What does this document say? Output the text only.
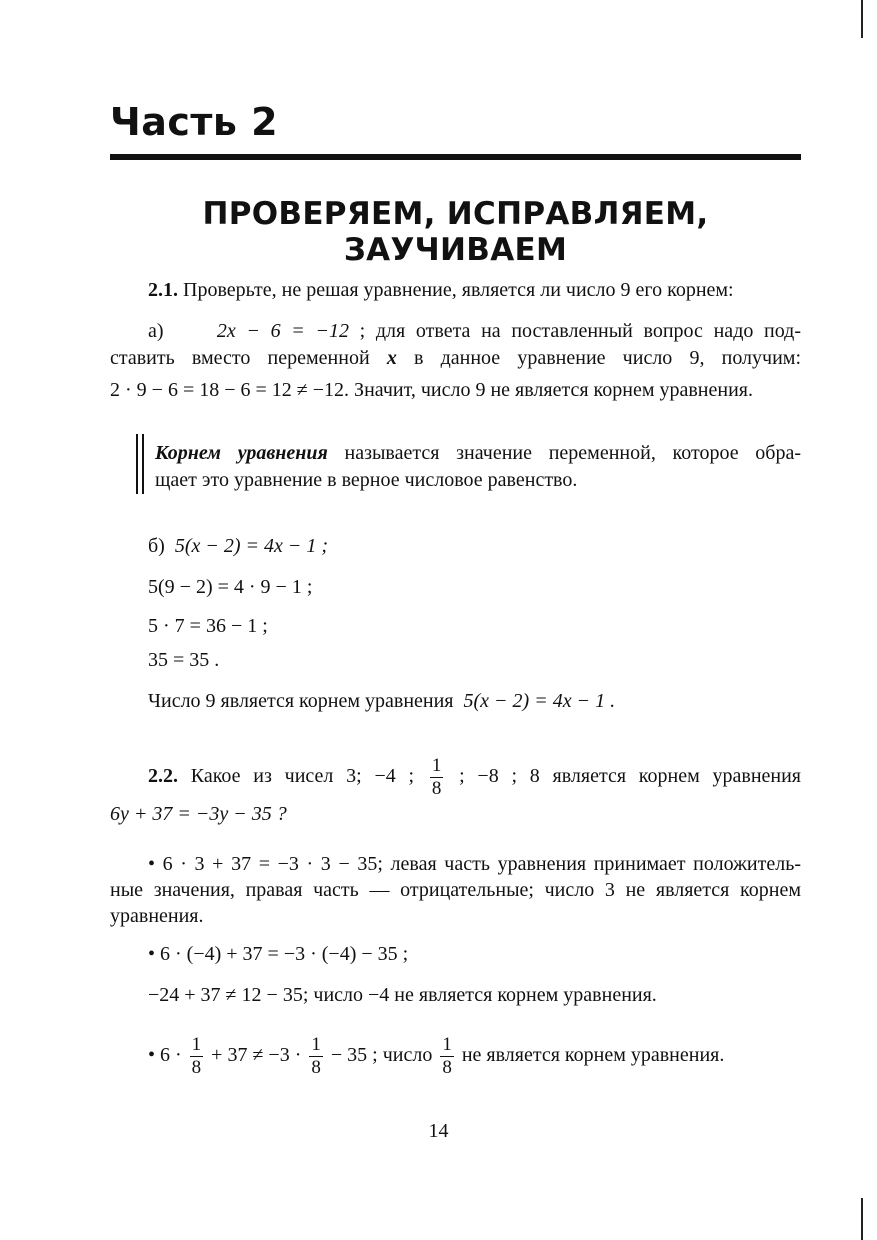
Часть 2
ПРОВЕРЯЕМ, ИСПРАВЛЯЕМ, ЗАУЧИВАЕМ
2.1. Проверьте, не решая уравнение, является ли число 9 его корнем:
а)	2x − 6 = −12 ; для ответа на поставленный вопрос надо под-
ставить вместо переменной x в данное уравнение число 9, получим:
2 · 9 − 6 = 18 − 6 = 12 ≠ −12. Значит, число 9 не является корнем уравнения.
Корнем уравнения называется значение переменной, которое обра-
щает это уравнение в верное числовое равенство.
б) 5(x − 2) = 4x − 1 ;
5(9 − 2) = 4 · 9 − 1 ;
5 · 7 = 36 − 1 ;
35 = 35 .
Число 9 является корнем уравнения 5(x − 2) = 4x − 1 .
2.2. Какое из чисел 3; −4 ; $\frac{1}{8}$ ; −8 ; 8 является корнем уравнения
6y + 37 = −3y − 35 ?
• 6 · 3 + 37 = −3 · 3 − 35; левая часть уравнения принимает положитель-
ные значения, правая часть — отрицательные; число 3 не является корнем
уравнения.
• 6 · (−4) + 37 = −3 · (−4) − 35 ;
−24 + 37 ≠ 12 − 35; число −4 не является корнем уравнения.
• $6 \cdot \frac{1}{8} + 37 \ne -3 \cdot \frac{1}{8} - 35$ ; число $\frac{1}{8}$ не является корнем уравнения.
14
